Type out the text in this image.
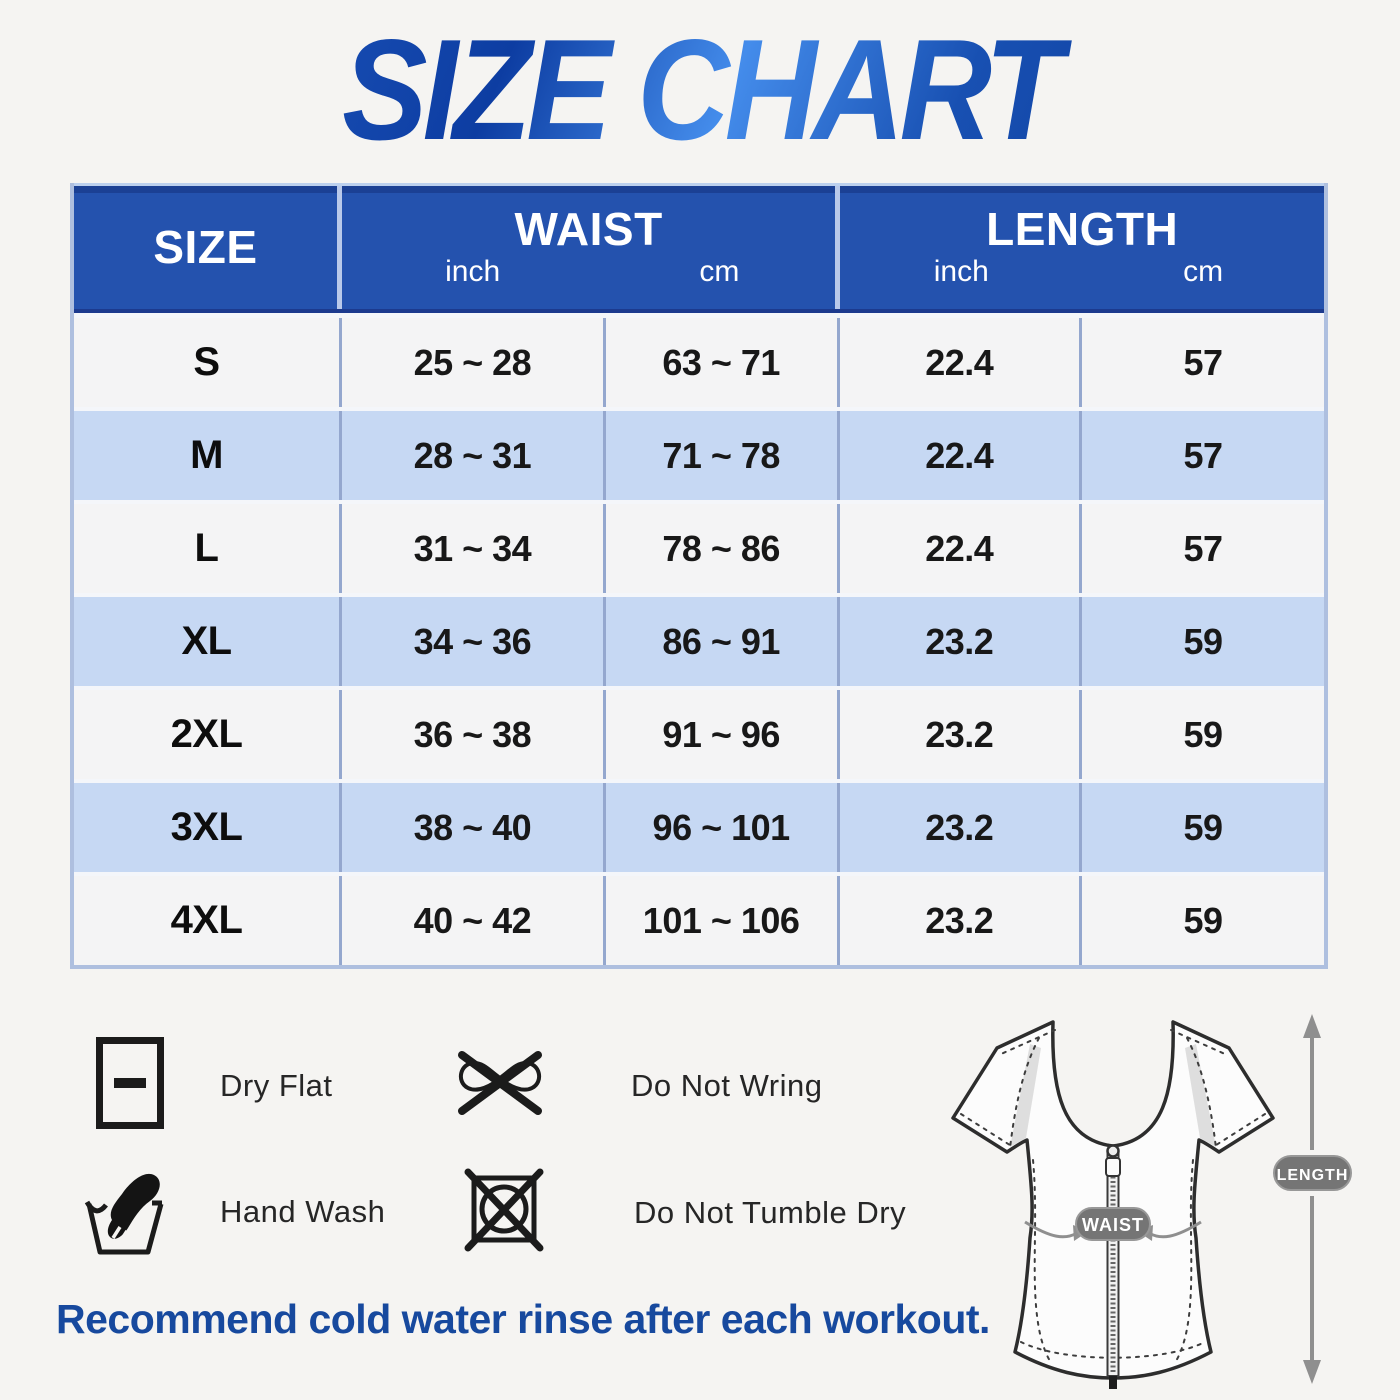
SIZE CHART
SIZE	WAIST
inch	cm
LENGTH
inch	cm
S	25 ~ 28	63 ~ 71	22.4	57
M	28 ~ 31	71 ~ 78	22.4	57
L	31 ~ 34	78 ~ 86	22.4	57
XL	34 ~ 36	86 ~ 91	23.2	59
2XL	36 ~ 38	91 ~ 96	23.2	59
3XL	38 ~ 40	96 ~ 101	23.2	59
4XL	40 ~ 42	101 ~ 106	23.2	59
Dry Flat	Do Not Wring
Hand Wash	Do Not Tumble Dry	WAIST
LENGTH
Recommend cold water rinse after each workout.
